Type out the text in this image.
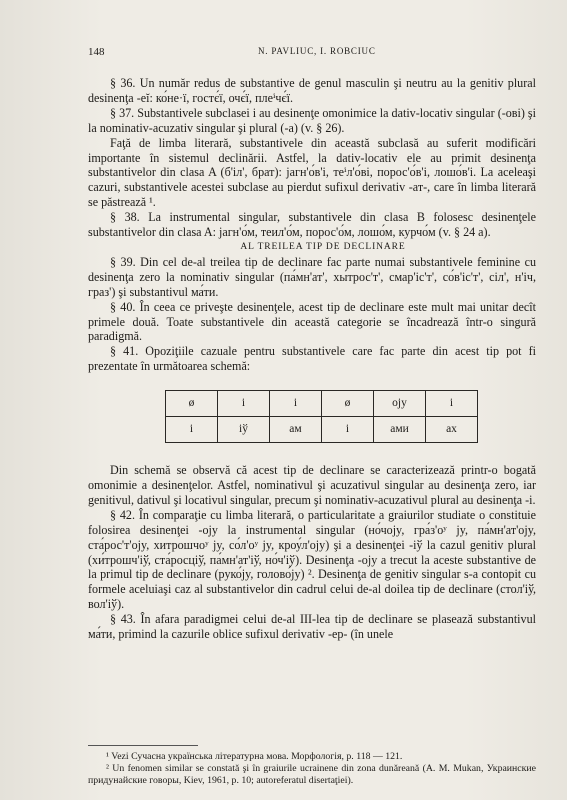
148	N. PAVLIUC, I. ROBCIUC

§ 36. Un număr redus de substantive de genul masculin şi neutru au la genitiv plural desinenţa -eĭ: ко́не·ї, гостє́ї, очє́ї, плеⁱчє́ї.

§ 37. Substantivele subclasei і au desinenţe omonimice la dativ-locativ singular (-ові) şi la nominativ-acuzativ singular şi plural (-a) (v. § 26).

Faţă de limba literară, substantivele din această subclasă au suferit modificări importante în sistemul declinării. Astfel, la dativ-locativ ele au primit desinenţa substantivelor din clasa A (б'іл', брат): јагн'о́в'і, теⁱл'о́ві, порос'о́в'і, лошо́в'і. La aceleaşi cazuri, substantivele acestei subclase au pierdut sufixul derivativ -ат-, care în limba literară se păstrează ¹.

§ 38. La instrumental singular, substantivele din clasa B folosesc desinenţele substantivelor din clasa A: јагн'о́м, теил'о́м, порос'о́м, лошо́м, курчо́м (v. § 24 a).

AL TREILEA TIP DE DECLINARE

§ 39. Din cel de-al treilea tip de declinare fac parte numai substantivele feminine cu desinenţa zero la nominativ singular (па́мн'ат', хы́трос'т', смар'іс'т', со́в'іс'т', сіл', н'іч, граз') şi substantivul ма́ти.

§ 40. În ceea ce priveşte desinenţele, acest tip de declinare este mult mai unitar decît primele două. Toate substantivele din această categorie se încadrează într-o singură paradigmă.

§ 41. Opoziţiile cazuale pentru substantivele care fac parte din acest tip pot fi prezentate în următoarea schemă:

ø	i	i	ø	ojy	i
i	iў	ам	i	ами	ах

Din schemă se observă că acest tip de declinare se caracterizează printr-o bogată omonimie a desinenţelor. Astfel, nominativul şi acuzativul singular au desinenţa zero, iar genitivul, dativul şi locativul singular, precum şi nominativ-acuzativul plural au desinenţa -i.

§ 42. În comparaţie cu limba literară, o particularitate a graiurilor studiate o constituie folosirea desinenţei -ojy la instrumental singular (но́чојy, гра́з'оʸ jy, па́мн'ат'ојy, ста́рос'т'ојy, хитрошчоʸ jy, со́л'оʸ jy, кроу́л'ојy) şi a desinenţei -iў la cazul genitiv plural (хи́трошч'іў, ста́росціў, па́мн'ат'іў, но́ч'іў). Desinenţa -ojy a trecut la aceste substantive de la primul tip de declinare (руко́јy, голово́јy) ². Desinenţa de genitiv singular s-a contopit cu formele aceluiaşi caz al substantivelor din cadrul celui de-al doilea tip de declinare (стол'іў, вол'іў).

§ 43. În afara paradigmei celui de-al III-lea tip de declinare se plasează substantivul ма́ти, primind la cazurile oblice sufixul derivativ -ep- (în unele

¹ Vezi Сучасна українська літературна мова. Морфологія, p. 118 — 121.

² Un fenomen similar se constată şi în graiurile ucrainene din zona dunăreană (A. M. Mukan, Украинские придунайские говоры, Kiev, 1961, p. 10; autoreferatul disertaţiei).
